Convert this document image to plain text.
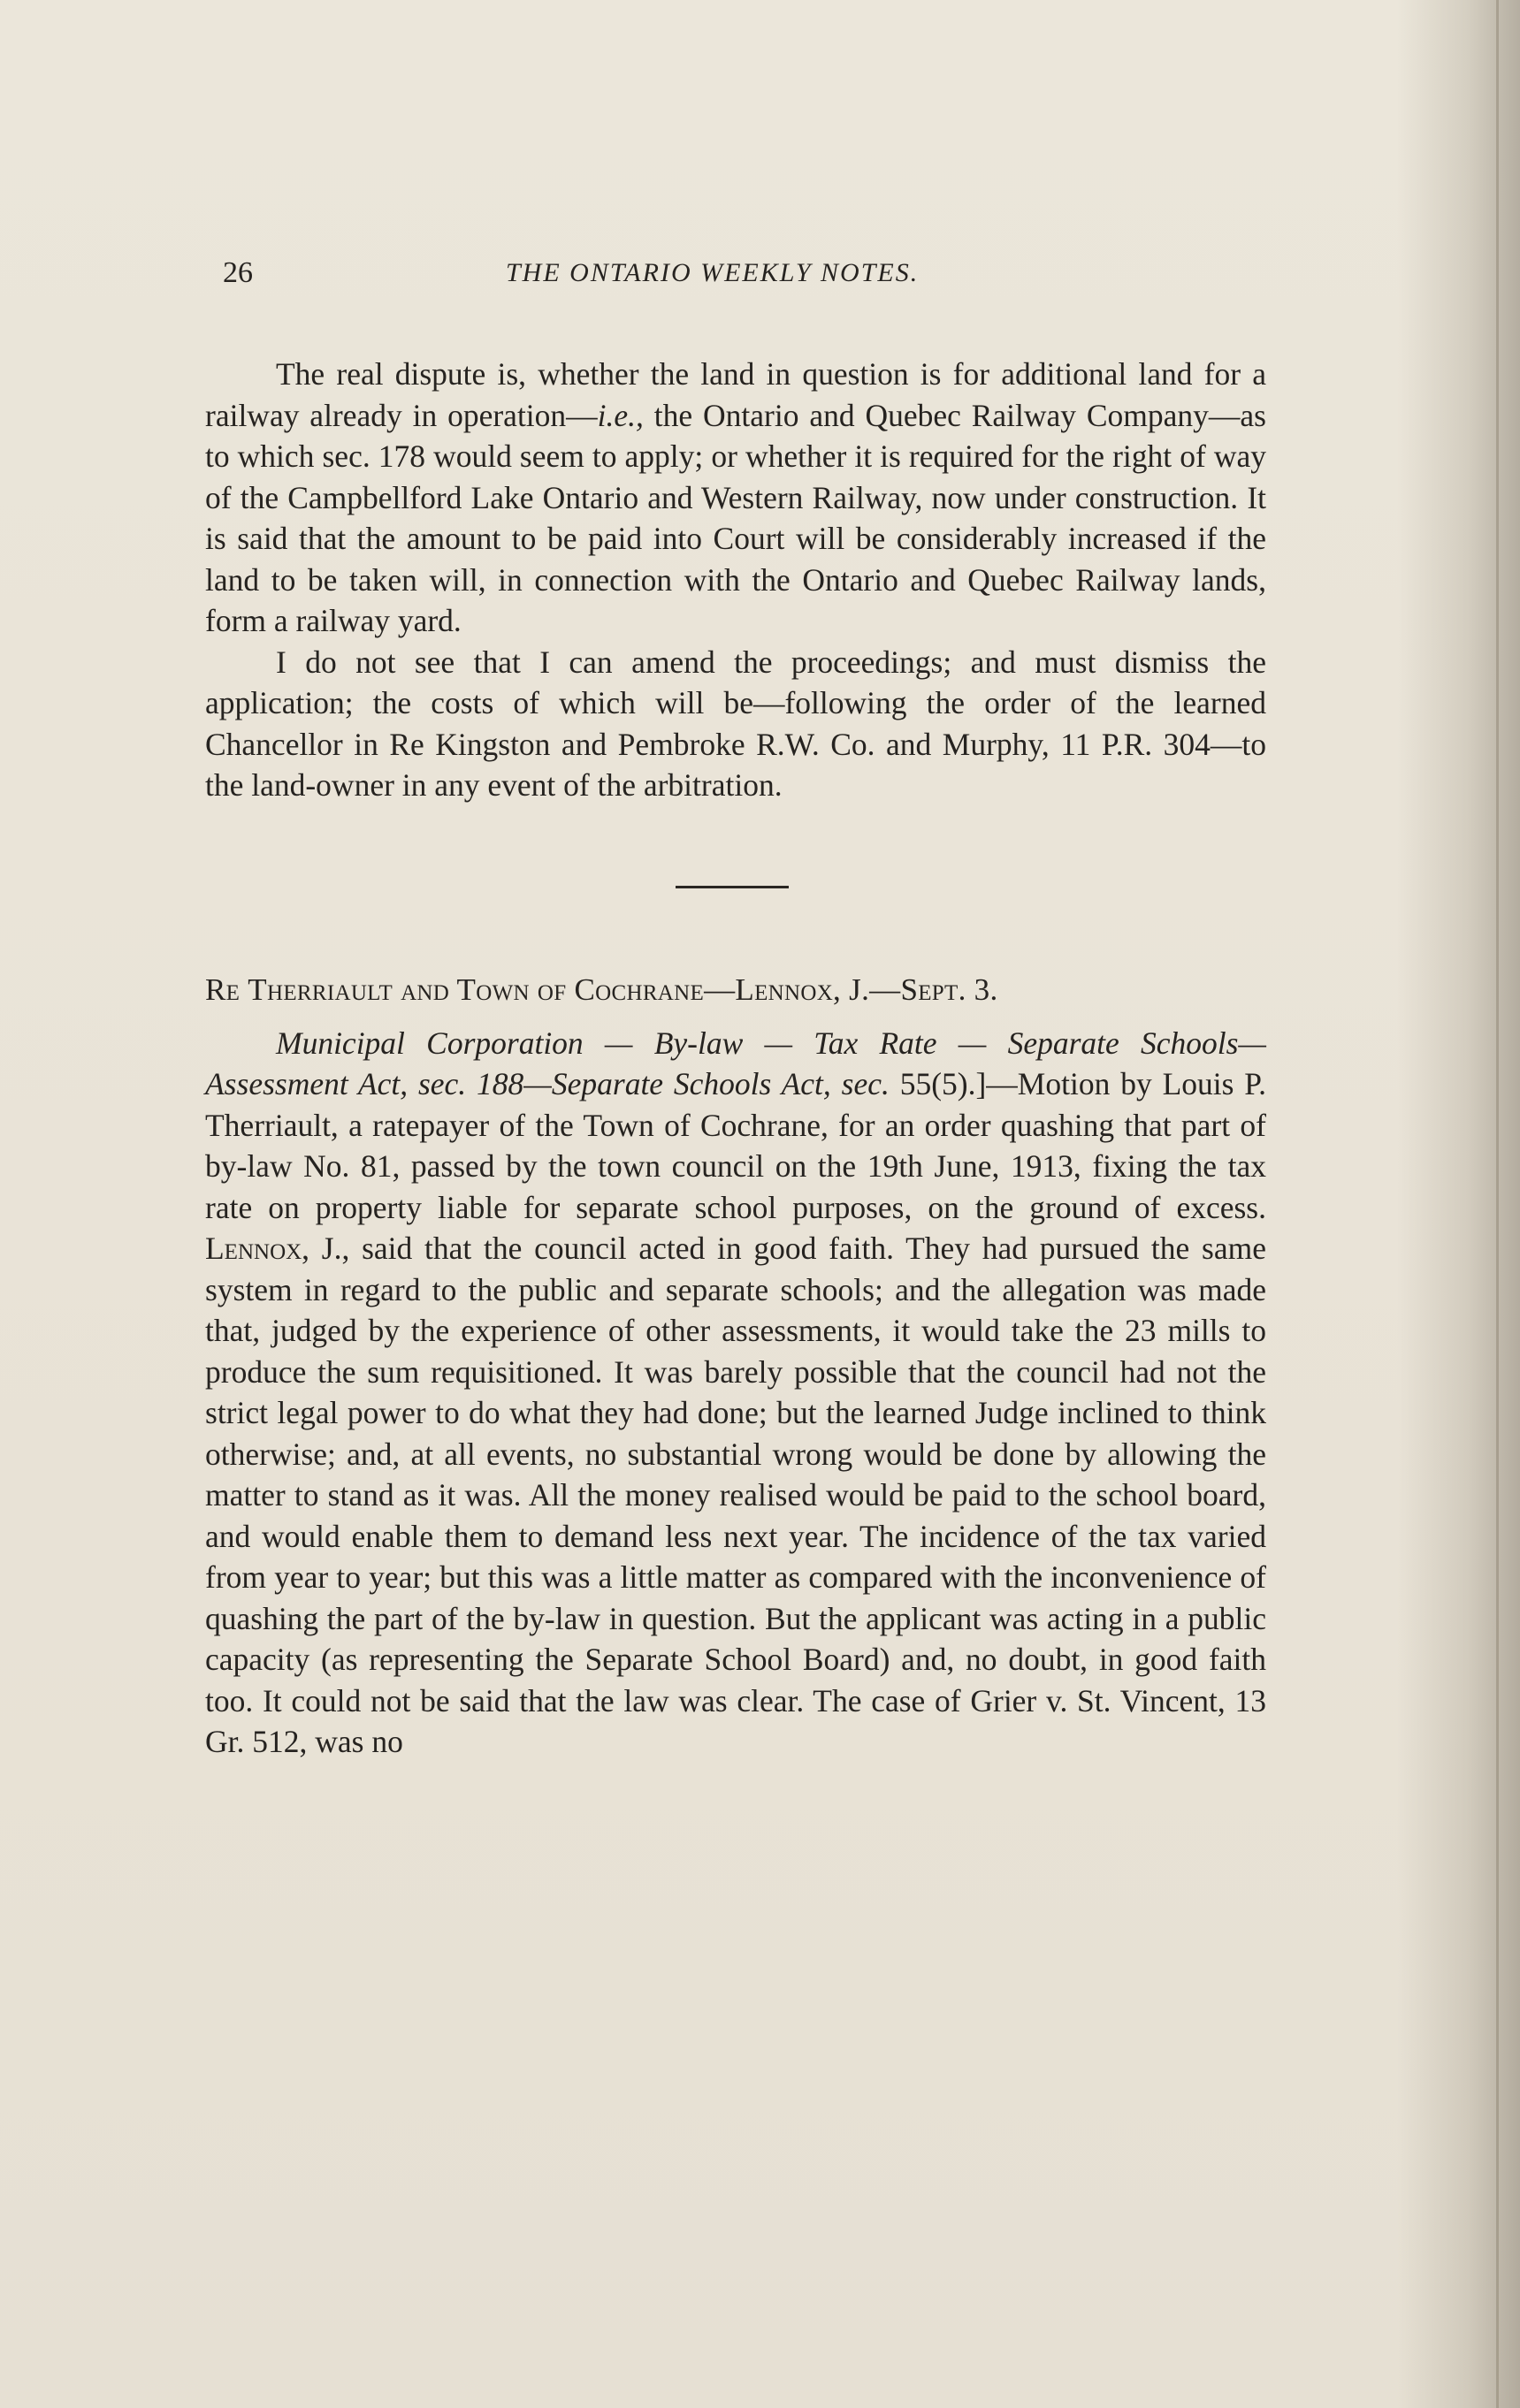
26	THE ONTARIO WEEKLY NOTES.

The real dispute is, whether the land in question is for additional land for a railway already in operation—i.e., the Ontario and Quebec Railway Company—as to which sec. 178 would seem to apply; or whether it is required for the right of way of the Campbellford Lake Ontario and Western Railway, now under construction. It is said that the amount to be paid into Court will be considerably increased if the land to be taken will, in connection with the Ontario and Quebec Railway lands, form a railway yard.

I do not see that I can amend the proceedings; and must dismiss the application; the costs of which will be—following the order of the learned Chancellor in Re Kingston and Pembroke R.W. Co. and Murphy, 11 P.R. 304—to the land-owner in any event of the arbitration.

Re Therriault and Town of Cochrane—Lennox, J.—Sept. 3.

Municipal Corporation — By-law — Tax Rate — Separate Schools—Assessment Act, sec. 188—Separate Schools Act, sec. 55(5).]—Motion by Louis P. Therriault, a ratepayer of the Town of Cochrane, for an order quashing that part of by-law No. 81, passed by the town council on the 19th June, 1913, fixing the tax rate on property liable for separate school purposes, on the ground of excess. Lennox, J., said that the council acted in good faith. They had pursued the same system in regard to the public and separate schools; and the allegation was made that, judged by the experience of other assessments, it would take the 23 mills to produce the sum requisitioned. It was barely possible that the council had not the strict legal power to do what they had done; but the learned Judge inclined to think otherwise; and, at all events, no substantial wrong would be done by allowing the matter to stand as it was. All the money realised would be paid to the school board, and would enable them to demand less next year. The incidence of the tax varied from year to year; but this was a little matter as compared with the inconvenience of quashing the part of the by-law in question. But the applicant was acting in a public capacity (as representing the Separate School Board) and, no doubt, in good faith too. It could not be said that the law was clear. The case of Grier v. St. Vincent, 13 Gr. 512, was no
